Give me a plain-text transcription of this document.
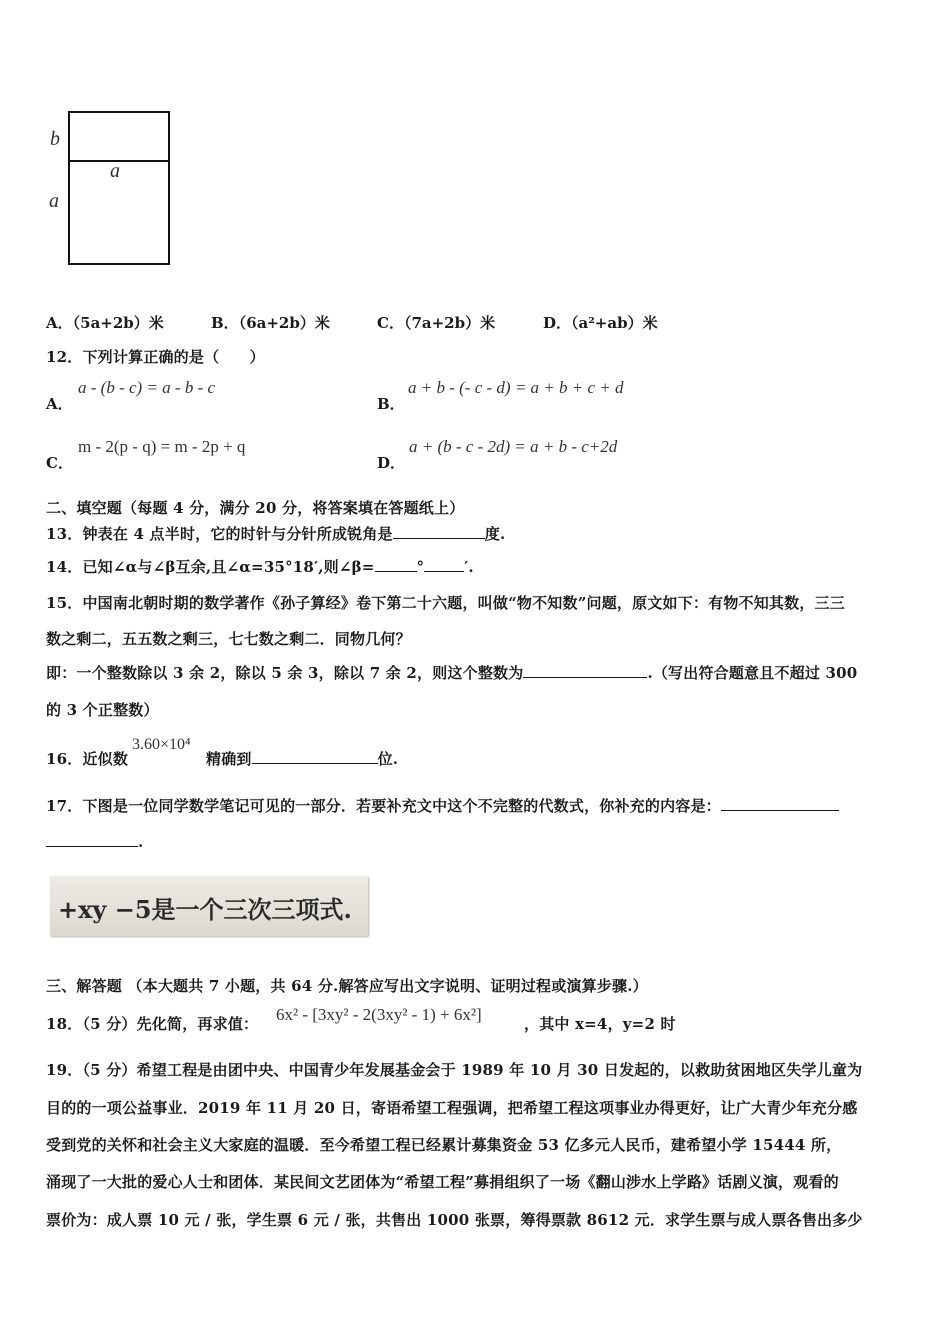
b
a
a
A．（5a+2b）米	B．（6a+2b）米	C．（7a+2b）米	D．（a²+ab）米
12．下列计算正确的是（　　）
A．
a - (b - c) = a - b - c
B．
a + b - (- c - d) = a + b + c + d
C．
m - 2(p - q) = m - 2p + q
D．
a + (b - c - 2d) = a + b - c+2d
二、填空题（每题 4 分，满分 20 分，将答案填在答题纸上）
13．钟表在 4 点半时，它的时针与分针所成锐角是	度.
14．已知∠α与∠β互余,且∠α=35°18′,则∠β=	°	′.
15．中国南北朝时期的数学著作《孙子算经》卷下第二十六题，叫做“物不知数”问题，原文如下：有物不知其数，三三
数之剩二，五五数之剩三，七七数之剩二．同物几何？
即：一个整数除以 3 余 2，除以 5 余 3，除以 7 余 2，则这个整数为	.（写出符合题意且不超过 300
的 3 个正整数）
16．近似数
3.60×10⁴
精确到	位.
17．下图是一位同学数学笔记可见的一部分．若要补充文中这个不完整的代数式，你补充的内容是：
.
+xy −5是一个三次三项式.
三、解答题 （本大题共 7 小题，共 64 分.解答应写出文字说明、证明过程或演算步骤.）
18．（5 分）先化简，再求值： 6x² - [3xy² - 2(3xy² - 1) + 6x²]	，其中 x=4，y=2 时
19．（5 分）希望工程是由团中央、中国青少年发展基金会于 1989 年 10 月 30 日发起的，以救助贫困地区失学儿童为
目的的一项公益事业．2019 年 11 月 20 日，寄语希望工程强调，把希望工程这项事业办得更好，让广大青少年充分感
受到党的关怀和社会主义大家庭的温暖．至今希望工程已经累计募集资金 53 亿多元人民币，建希望小学 15444 所，
涌现了一大批的爱心人士和团体．某民间文艺团体为“希望工程”募捐组织了一场《翻山涉水上学路》话剧义演，观看的
票价为：成人票 10 元 / 张，学生票 6 元 / 张，共售出 1000 张票，筹得票款 8612 元．求学生票与成人票各售出多少
